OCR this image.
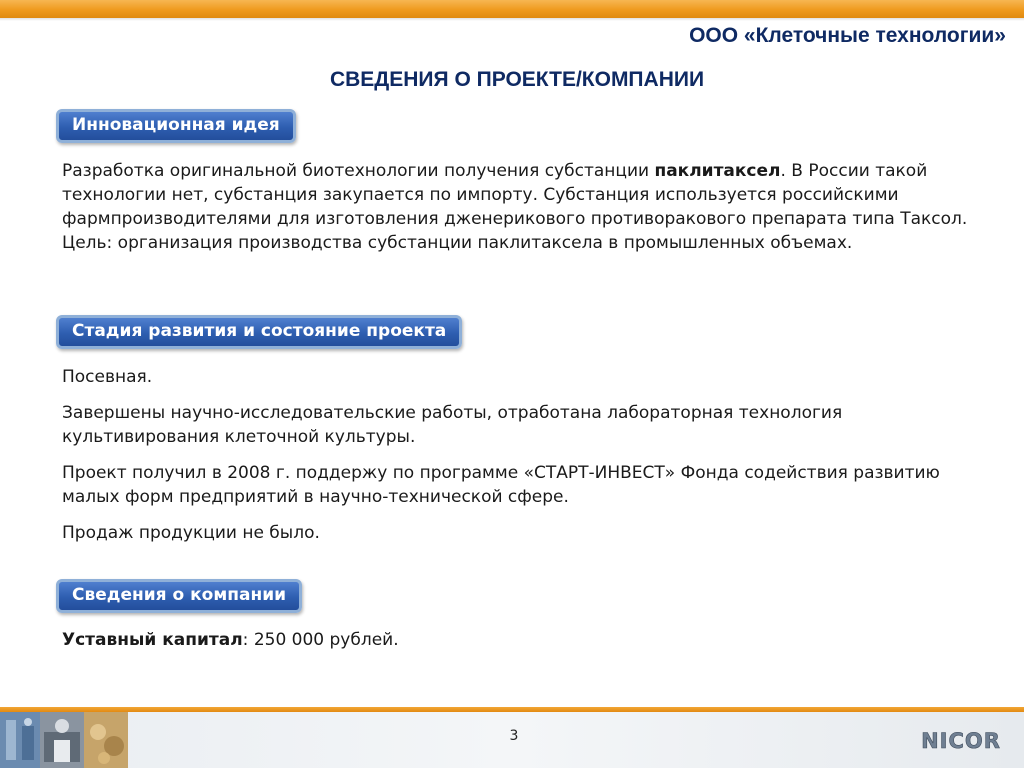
ООО «Клеточные технологии»
СВЕДЕНИЯ О ПРОЕКТЕ/КОМПАНИИ
Инновационная идея

Разработка оригинальной биотехнологии получения субстанции паклитаксел. В России такой технологии нет, субстанция закупается по импорту. Cубстанция используется российскими фармпроизводителями для изготовления дженерикового противоракового препарата типа Таксол.

Цель: организация производства субстанции паклитаксела в промышленных объемах.

Стадия развития и состояние проекта

Посевная.

Завершены научно-исследовательские работы, отработана лабораторная технология культивирования клеточной культуры.

Проект получил в 2008 г. поддержу по программе «СТАРТ-ИНВЕСТ» Фонда содействия развитию малых форм предприятий в научно-технической сфере.

Продаж продукции не было.

Сведения о компании

Уставный капитал: 250 000 рублей.

3	NICOR
